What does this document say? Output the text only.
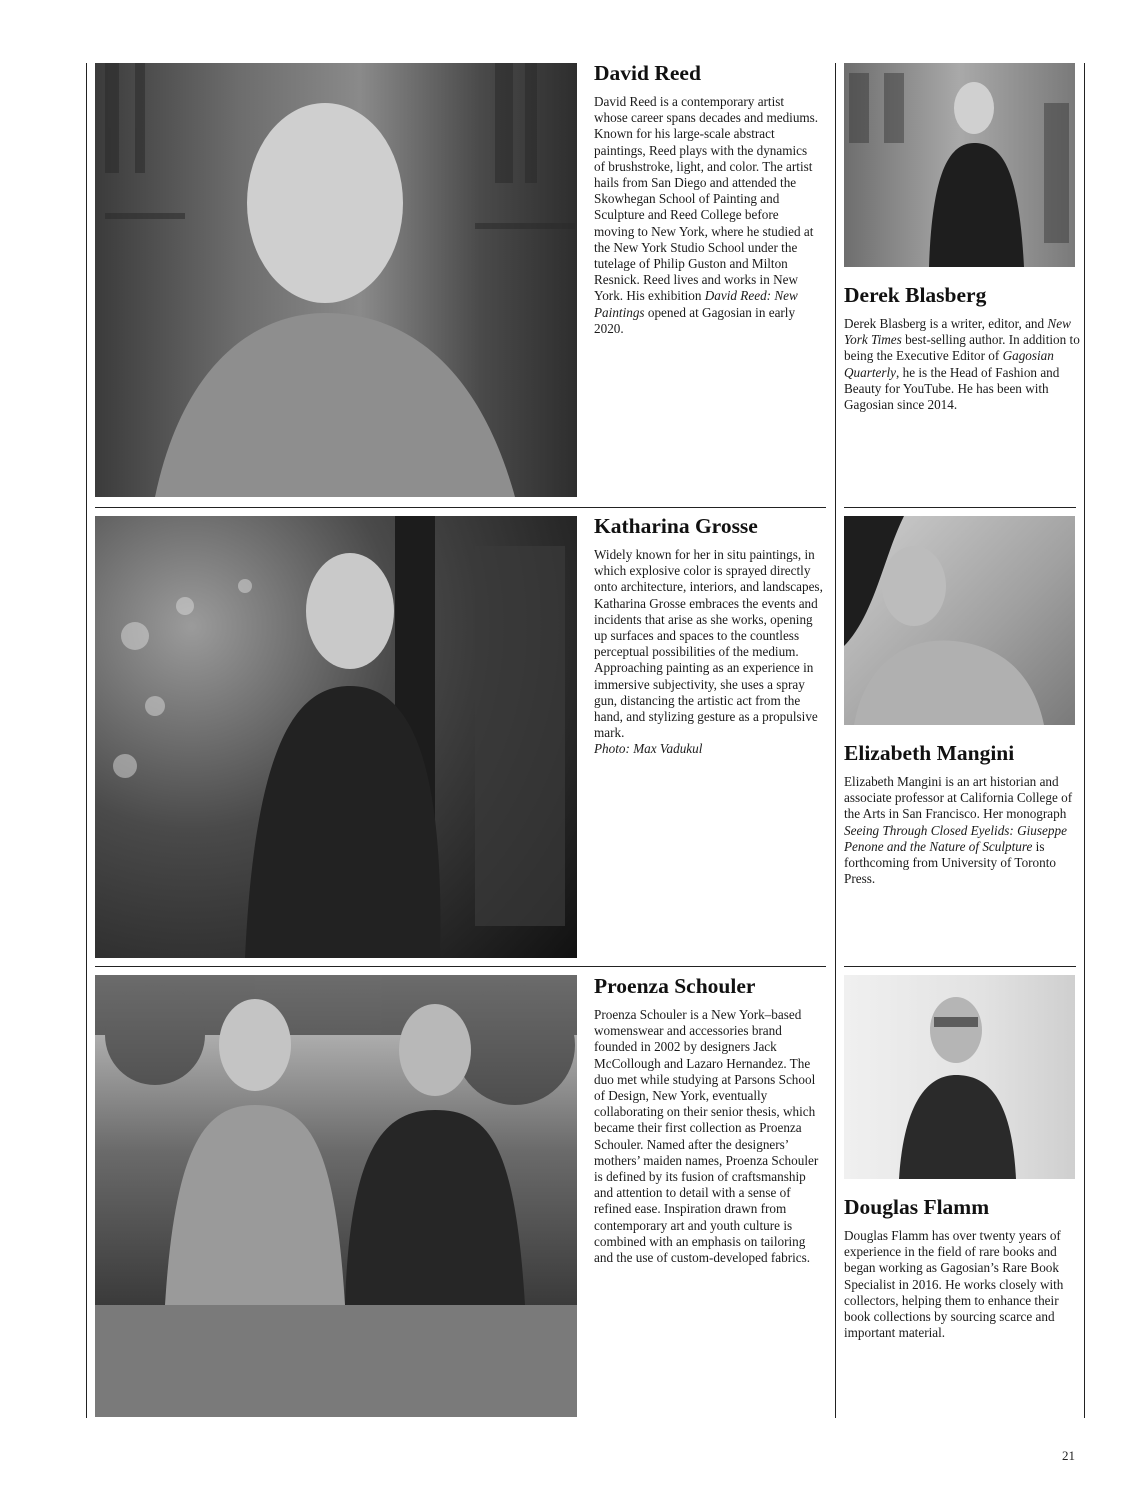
David Reed

David Reed is a contemporary artist whose career spans decades and mediums. Known for his large-scale abstract paintings, Reed plays with the dynamics of brushstroke, light, and color. The artist hails from San Diego and attended the Skowhegan School of Painting and Sculpture and Reed College before moving to New York, where he studied at the New York Studio School under the tutelage of Philip Guston and Milton Resnick. Reed lives and works in New York. His exhibition David Reed: New Paintings opened at Gagosian in early 2020.

Katharina Grosse

Widely known for her in situ paintings, in which explosive color is sprayed directly onto architecture, interiors, and landscapes, Katharina Grosse embraces the events and incidents that arise as she works, opening up surfaces and spaces to the countless perceptual possibilities of the medium. Approaching painting as an experience in immersive subjectivity, she uses a spray gun, distancing the artistic act from the hand, and stylizing gesture as a propulsive mark.
Photo: Max Vadukul

Proenza Schouler

Proenza Schouler is a New York–based womenswear and accessories brand founded in 2002 by designers Jack McCollough and Lazaro Hernandez. The duo met while studying at Parsons School of Design, New York, eventually collaborating on their senior thesis, which became their first collection as Proenza Schouler. Named after the designers’ mothers’ maiden names, Proenza Schouler is defined by its fusion of craftsmanship and attention to detail with a sense of refined ease. Inspiration drawn from contemporary art and youth culture is combined with an emphasis on tailoring and the use of custom-developed fabrics.

Derek Blasberg

Derek Blasberg is a writer, editor, and New York Times best-selling author. In addition to being the Executive Editor of Gagosian Quarterly, he is the Head of Fashion and Beauty for YouTube. He has been with Gagosian since 2014.

Elizabeth Mangini

Elizabeth Mangini is an art historian and associate professor at California College of the Arts in San Francisco. Her monograph Seeing Through Closed Eyelids: Giuseppe Penone and the Nature of Sculpture is forthcoming from University of Toronto Press.

Douglas Flamm

Douglas Flamm has over twenty years of experience in the field of rare books and began working as Gagosian’s Rare Book Specialist in 2016. He works closely with collectors, helping them to enhance their book collections by sourcing scarce and important material.

21
